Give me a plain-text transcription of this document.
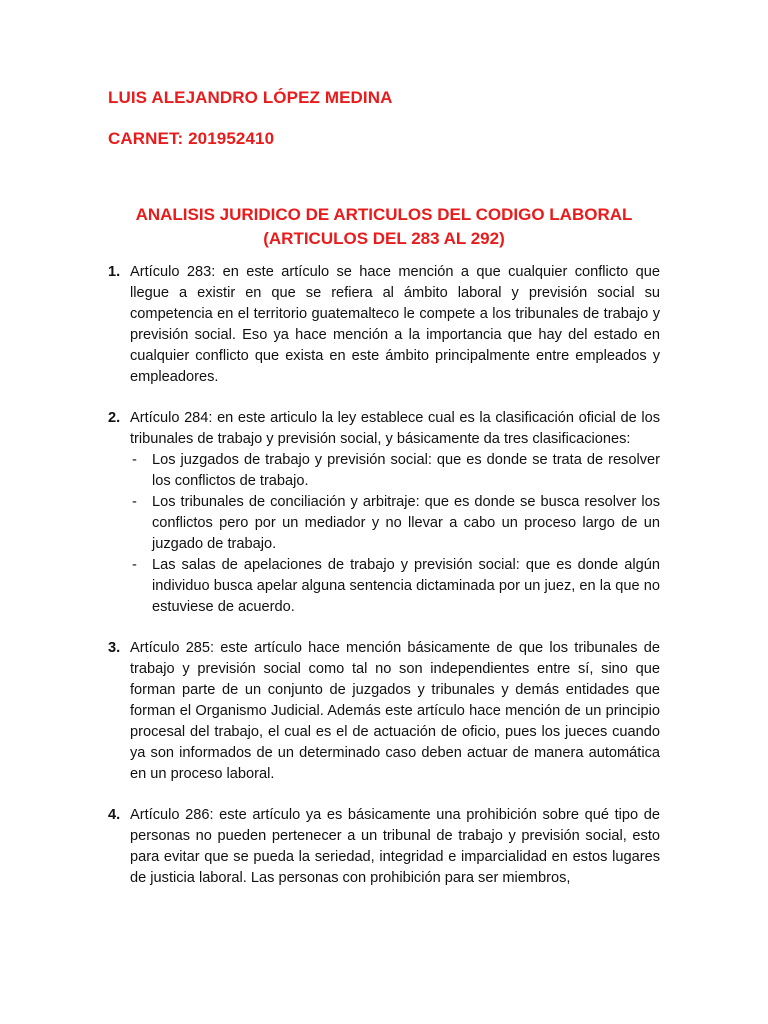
LUIS ALEJANDRO LÓPEZ MEDINA
CARNET: 201952410
ANALISIS JURIDICO DE ARTICULOS DEL CODIGO LABORAL
(ARTICULOS DEL 283 AL 292)
1. Artículo 283: en este artículo se hace mención a que cualquier conflicto que llegue a existir en que se refiera al ámbito laboral y previsión social su competencia en el territorio guatemalteco le compete a los tribunales de trabajo y previsión social. Eso ya hace mención a la importancia que hay del estado en cualquier conflicto que exista en este ámbito principalmente entre empleados y empleadores.

2. Artículo 284: en este articulo la ley establece cual es la clasificación oficial de los tribunales de trabajo y previsión social, y básicamente da tres clasificaciones:

- Los juzgados de trabajo y previsión social: que es donde se trata de resolver los conflictos de trabajo.
- Los tribunales de conciliación y arbitraje: que es donde se busca resolver los conflictos pero por un mediador y no llevar a cabo un proceso largo de un juzgado de trabajo.
- Las salas de apelaciones de trabajo y previsión social: que es donde algún individuo busca apelar alguna sentencia dictaminada por un juez, en la que no estuviese de acuerdo.
3. Artículo 285: este artículo hace mención básicamente de que los tribunales de trabajo y previsión social como tal no son independientes entre sí, sino que forman parte de un conjunto de juzgados y tribunales y demás entidades que forman el Organismo Judicial. Además este artículo hace mención de un principio procesal del trabajo, el cual es el de actuación de oficio, pues los jueces cuando ya son informados de un determinado caso deben actuar de manera automática en un proceso laboral.

4. Artículo 286: este artículo ya es básicamente una prohibición sobre qué tipo de personas no pueden pertenecer a un tribunal de trabajo y previsión social, esto para evitar que se pueda la seriedad, integridad e imparcialidad en estos lugares de justicia laboral. Las personas con prohibición para ser miembros,
